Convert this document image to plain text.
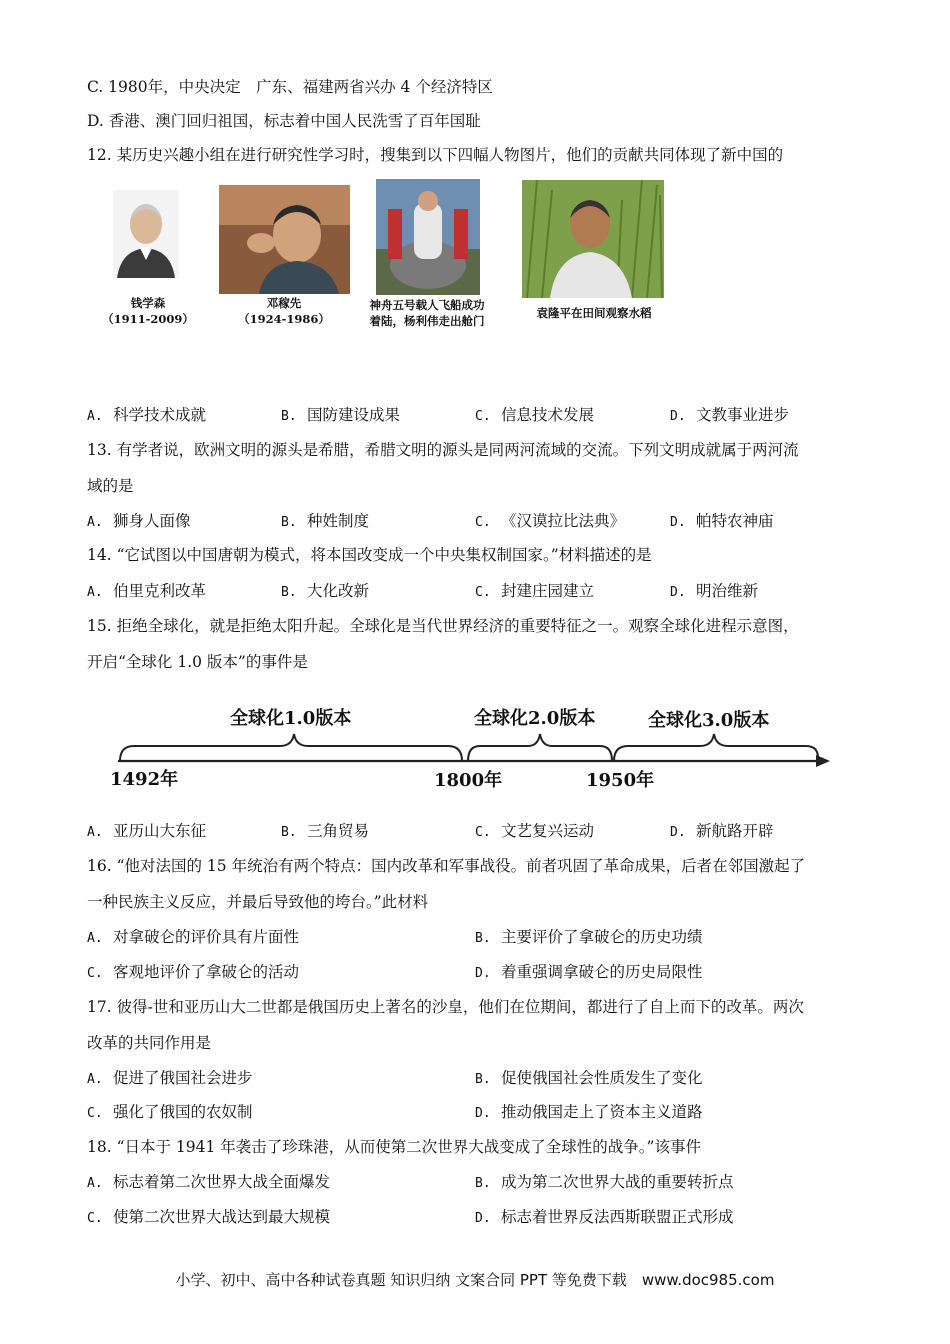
C. 1980年，中央决定　广东、福建两省兴办 4 个经济特区
D. 香港、澳门回归祖国，标志着中国人民洗雪了百年国耻
12. 某历史兴趣小组在进行研究性学习时，搜集到以下四幅人物图片，他们的贡献共同体现了新中国的
钱学森
（1911-2009）
邓稼先
（1924-1986）
神舟五号载人飞船成功
着陆，杨利伟走出舱门
袁隆平在田间观察水稻
A. 科学技术成就	B. 国防建设成果	C. 信息技术发展	D. 文教事业进步
13. 有学者说，欧洲文明的源头是希腊，希腊文明的源头是同两河流域的交流。下列文明成就属于两河流
域的是
A. 狮身人面像	B. 种姓制度	C. 《汉谟拉比法典》	D. 帕特农神庙
14. “它试图以中国唐朝为模式，将本国改变成一个中央集权制国家。”材料描述的是
A. 伯里克利改革	B. 大化改新	C. 封建庄园建立	D. 明治维新
15. 拒绝全球化，就是拒绝太阳升起。全球化是当代世界经济的重要特征之一。观察全球化进程示意图，
开启“全球化 1.0 版本”的事件是
全球化1.0版本	全球化2.0版本	全球化3.0版本
1492年	1800年	1950年
A. 亚历山大东征	B. 三角贸易	C. 文艺复兴运动	D. 新航路开辟
16. “他对法国的 15 年统治有两个特点：国内改革和军事战役。前者巩固了革命成果，后者在邻国激起了
一种民族主义反应，并最后导致他的垮台。”此材料
A. 对拿破仑的评价具有片面性	B. 主要评价了拿破仑的历史功绩
C. 客观地评价了拿破仑的活动	D. 着重强调拿破仑的历史局限性
17. 彼得-世和亚历山大二世都是俄国历史上著名的沙皇，他们在位期间，都进行了自上而下的改革。两次
改革的共同作用是
A. 促进了俄国社会进步	B. 促使俄国社会性质发生了变化
C. 强化了俄国的农奴制	D. 推动俄国走上了资本主义道路
18. “日本于 1941 年袭击了珍珠港，从而使第二次世界大战变成了全球性的战争。”该事件
A. 标志着第二次世界大战全面爆发	B. 成为第二次世界大战的重要转折点
C. 使第二次世界大战达到最大规模	D. 标志着世界反法西斯联盟正式形成
小学、初中、高中各种试卷真题 知识归纳 文案合同 PPT 等免费下载　www.doc985.com
